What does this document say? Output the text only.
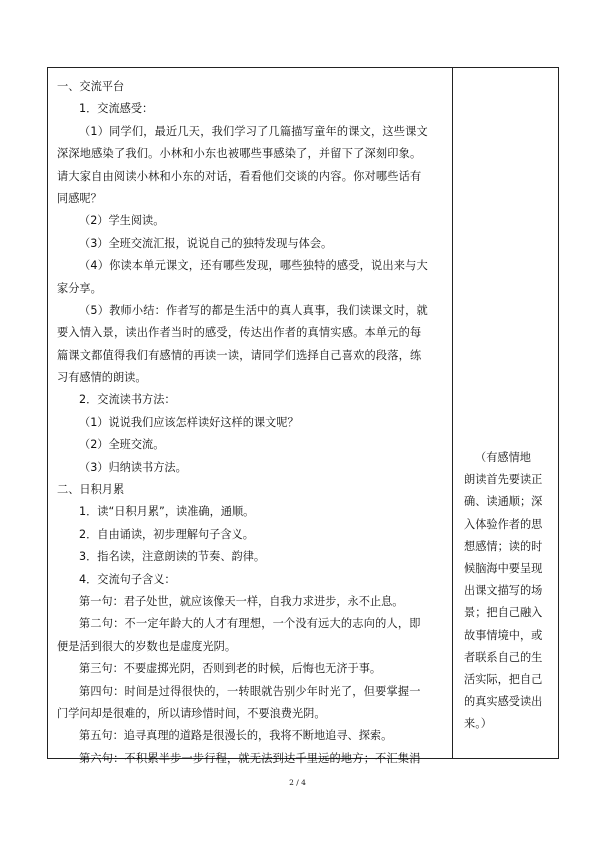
一、交流平台
1．交流感受：
（1）同学们，最近几天，我们学习了几篇描写童年的课文，这些课文
深深地感染了我们。小林和小东也被哪些事感染了，并留下了深刻印象。
请大家自由阅读小林和小东的对话，看看他们交谈的内容。你对哪些话有
同感呢？
（2）学生阅读。
（3）全班交流汇报，说说自己的独特发现与体会。
（4）你读本单元课文，还有哪些发现，哪些独特的感受，说出来与大
家分享。
（5）教师小结：作者写的都是生活中的真人真事，我们读课文时，就
要入情入景，读出作者当时的感受，传达出作者的真情实感。本单元的每
篇课文都值得我们有感情的再读一读，请同学们选择自己喜欢的段落，练
习有感情的朗读。
2．交流读书方法：
（1）说说我们应该怎样读好这样的课文呢？
（2）全班交流。
（3）归纳读书方法。
二、日积月累
1．读“日积月累”，读准确，通顺。
2．自由诵读，初步理解句子含义。
3．指名读，注意朗读的节奏、韵律。
4．交流句子含义：
第一句：君子处世，就应该像天一样，自我力求进步，永不止息。
第二句：不一定年龄大的人才有理想，一个没有远大的志向的人，即
便是活到很大的岁数也是虚度光阴。
第三句：不要虚掷光阴，否则到老的时候，后悔也无济于事。
第四句：时间是过得很快的，一转眼就告别少年时光了，但要掌握一
门学问却是很难的，所以请珍惜时间，不要浪费光阴。
第五句：追寻真理的道路是很漫长的，我将不断地追寻、探索。
第六句：不积累半步一步行程，就无法到达千里远的地方；不汇集涓
（有感情地
朗读首先要读正
确、读通顺；深
入体验作者的思
想感情；读的时
候脑海中要呈现
出课文描写的场
景；把自己融入
故事情境中，或
者联系自己的生
活实际，把自己
的真实感受读出
来。）
2 / 4
